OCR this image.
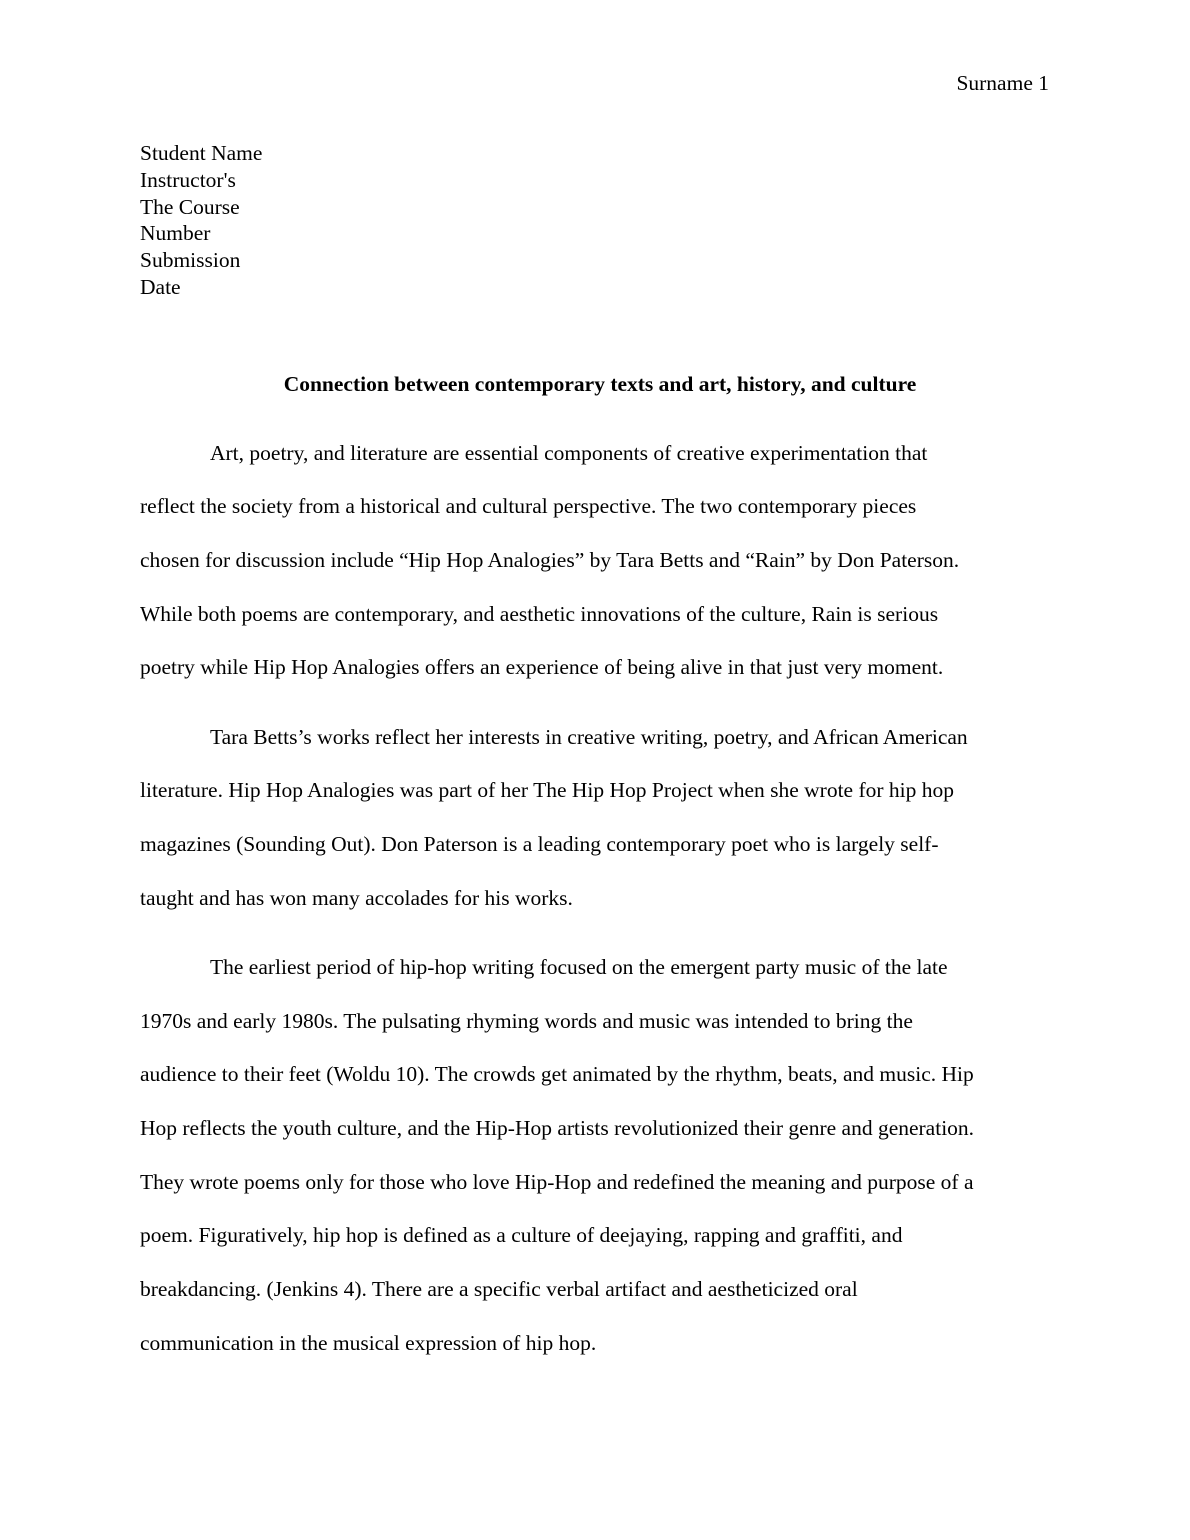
Surname 1
Student Name
Instructor's
The Course
Number
Submission
Date
Connection between contemporary texts and art, history, and culture
Art, poetry, and literature are essential components of creative experimentation that
reflect the society from a historical and cultural perspective. The two contemporary pieces
chosen for discussion include “Hip Hop Analogies” by Tara Betts and “Rain” by Don Paterson.
While both poems are contemporary, and aesthetic innovations of the culture, Rain is serious
poetry while Hip Hop Analogies offers an experience of being alive in that just very moment.
Tara Betts’s works reflect her interests in creative writing, poetry, and African American
literature. Hip Hop Analogies was part of her The Hip Hop Project when she wrote for hip hop
magazines (Sounding Out). Don Paterson is a leading contemporary poet who is largely self-
taught and has won many accolades for his works.
The earliest period of hip-hop writing focused on the emergent party music of the late
1970s and early 1980s. The pulsating rhyming words and music was intended to bring the
audience to their feet (Woldu 10). The crowds get animated by the rhythm, beats, and music. Hip
Hop reflects the youth culture, and the Hip-Hop artists revolutionized their genre and generation.
They wrote poems only for those who love Hip-Hop and redefined the meaning and purpose of a
poem. Figuratively, hip hop is defined as a culture of deejaying, rapping and graffiti, and
breakdancing. (Jenkins 4). There are a specific verbal artifact and aestheticized oral
communication in the musical expression of hip hop.
